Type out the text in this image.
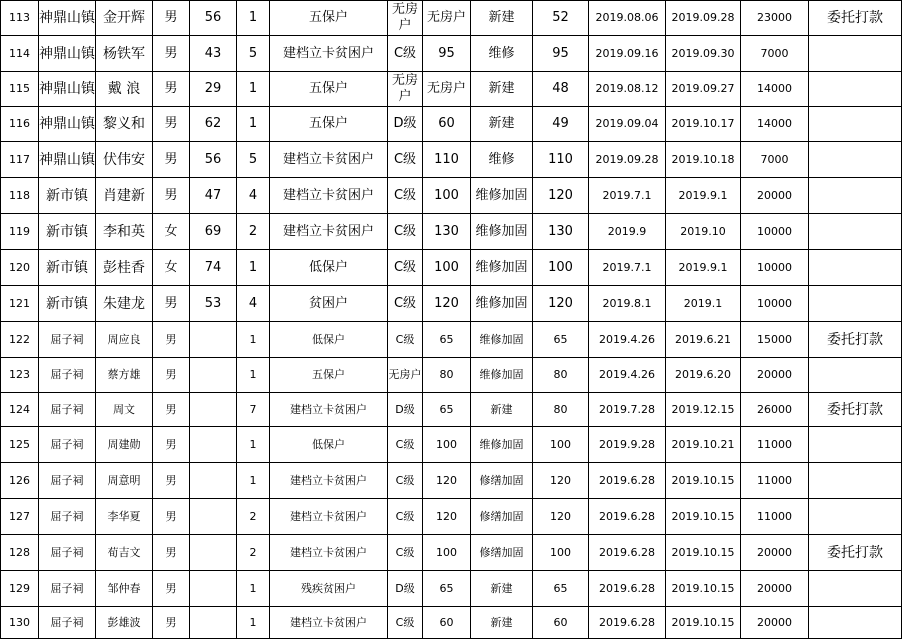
113	神鼎山镇	金开辉	男	56	1	五保户	无房户	无房户	新建	52	2019.08.06	2019.09.28	23000	委托打款
114	神鼎山镇	杨铁军	男	43	5	建档立卡贫困户	C级	95	维修	95	2019.09.16	2019.09.30	7000	
115	神鼎山镇	戴 浪	男	29	1	五保户	无房户	无房户	新建	48	2019.08.12	2019.09.27	14000	
116	神鼎山镇	黎义和	男	62	1	五保户	D级	60	新建	49	2019.09.04	2019.10.17	14000	
117	神鼎山镇	伏伟安	男	56	5	建档立卡贫困户	C级	110	维修	110	2019.09.28	2019.10.18	7000	
118	新市镇	肖建新	男	47	4	建档立卡贫困户	C级	100	维修加固	120	2019.7.1	2019.9.1	20000	
119	新市镇	李和英	女	69	2	建档立卡贫困户	C级	130	维修加固	130	2019.9	2019.10	10000	
120	新市镇	彭桂香	女	74	1	低保户	C级	100	维修加固	100	2019.7.1	2019.9.1	10000	
121	新市镇	朱建龙	男	53	4	贫困户	C级	120	维修加固	120	2019.8.1	2019.1	10000	
122	屈子祠	周应良	男		1	低保户	C级	65	维修加固	65	2019.4.26	2019.6.21	15000	委托打款
123	屈子祠	蔡方雄	男		1	五保户	无房户	80	维修加固	80	2019.4.26	2019.6.20	20000	
124	屈子祠	周文	男		7	建档立卡贫困户	D级	65	新建	80	2019.7.28	2019.12.15	26000	委托打款
125	屈子祠	周建勋	男		1	低保户	C级	100	维修加固	100	2019.9.28	2019.10.21	11000	
126	屈子祠	周意明	男		1	建档立卡贫困户	C级	120	修缮加固	120	2019.6.28	2019.10.15	11000	
127	屈子祠	李华夏	男		2	建档立卡贫困户	C级	120	修缮加固	120	2019.6.28	2019.10.15	11000	
128	屈子祠	荀吉文	男		2	建档立卡贫困户	C级	100	修缮加固	100	2019.6.28	2019.10.15	20000	委托打款
129	屈子祠	邹仲春	男		1	残疾贫困户	D级	65	新建	65	2019.6.28	2019.10.15	20000	
130	屈子祠	彭雄波	男		1	建档立卡贫困户	C级	60	新建	60	2019.6.28	2019.10.15	20000	
